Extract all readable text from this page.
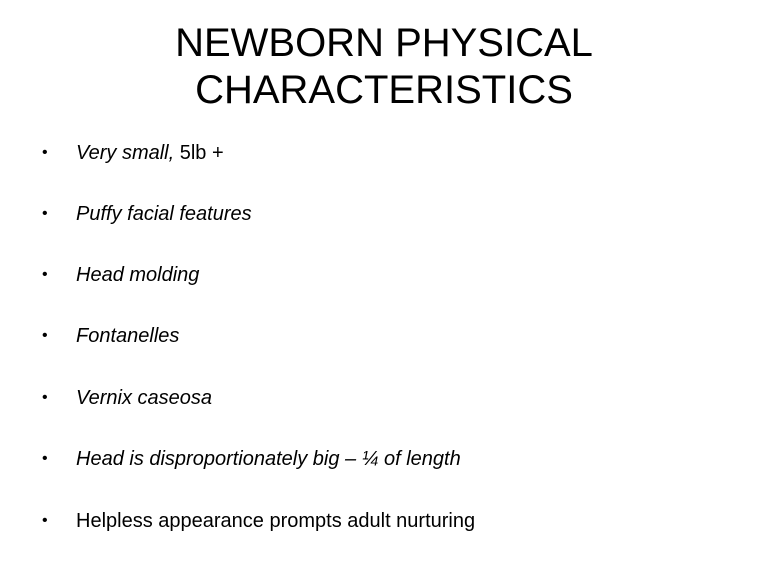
NEWBORN PHYSICAL
CHARACTERISTICS
• Very small, 5lb +
• Puffy facial features
• Head molding
• Fontanelles
• Vernix caseosa
• Head is disproportionately big – ¼ of length
• Helpless appearance prompts adult nurturing
